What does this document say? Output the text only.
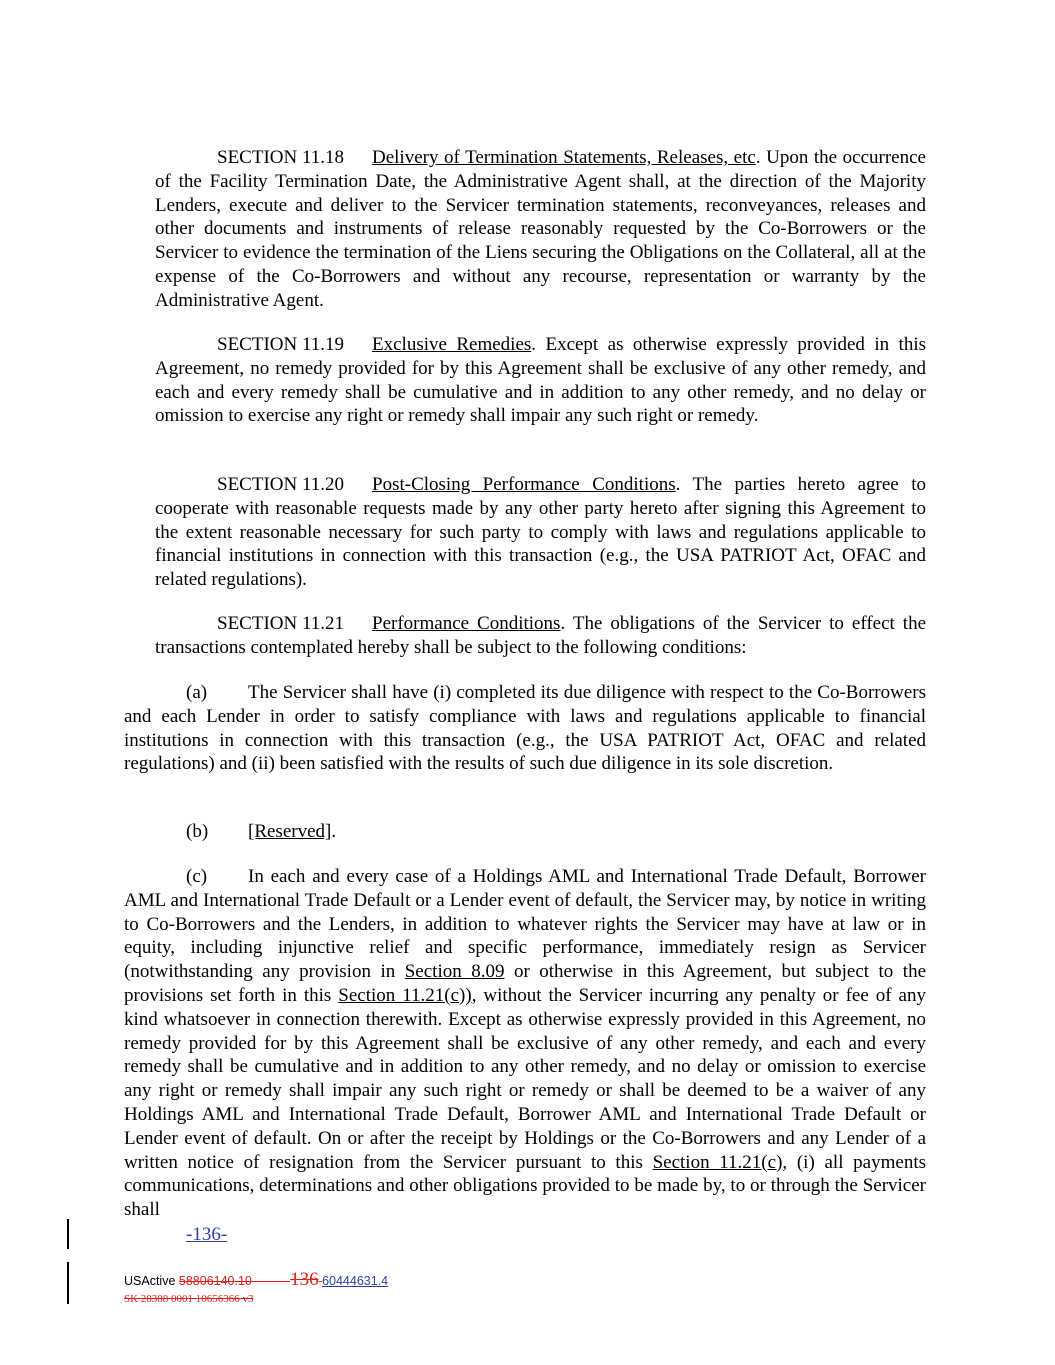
SECTION 11.18 Delivery of Termination Statements, Releases, etc. Upon the occurrence of the Facility Termination Date, the Administrative Agent shall, at the direction of the Majority Lenders, execute and deliver to the Servicer termination statements, reconveyances, releases and other documents and instruments of release reasonably requested by the Co-Borrowers or the Servicer to evidence the termination of the Liens securing the Obligations on the Collateral, all at the expense of the Co-Borrowers and without any recourse, representation or warranty by the Administrative Agent.

SECTION 11.19 Exclusive Remedies. Except as otherwise expressly provided in this Agreement, no remedy provided for by this Agreement shall be exclusive of any other remedy, and each and every remedy shall be cumulative and in addition to any other remedy, and no delay or omission to exercise any right or remedy shall impair any such right or remedy.

SECTION 11.20 Post-Closing Performance Conditions. The parties hereto agree to cooperate with reasonable requests made by any other party hereto after signing this Agreement to the extent reasonable necessary for such party to comply with laws and regulations applicable to financial institutions in connection with this transaction (e.g., the USA PATRIOT Act, OFAC and related regulations).

SECTION 11.21 Performance Conditions. The obligations of the Servicer to effect the transactions contemplated hereby shall be subject to the following conditions:

(a) The Servicer shall have (i) completed its due diligence with respect to the Co-Borrowers and each Lender in order to satisfy compliance with laws and regulations applicable to financial institutions in connection with this transaction (e.g., the USA PATRIOT Act, OFAC and related regulations) and (ii) been satisfied with the results of such due diligence in its sole discretion.

(b) [Reserved].

(c) In each and every case of a Holdings AML and International Trade Default, Borrower AML and International Trade Default or a Lender event of default, the Servicer may, by notice in writing to Co-Borrowers and the Lenders, in addition to whatever rights the Servicer may have at law or in equity, including injunctive relief and specific performance, immediately resign as Servicer (notwithstanding any provision in Section 8.09 or otherwise in this Agreement, but subject to the provisions set forth in this Section 11.21(c)), without the Servicer incurring any penalty or fee of any kind whatsoever in connection therewith. Except as otherwise expressly provided in this Agreement, no remedy provided for by this Agreement shall be exclusive of any other remedy, and each and every remedy shall be cumulative and in addition to any other remedy, and no delay or omission to exercise any right or remedy shall impair any such right or remedy or shall be deemed to be a waiver of any Holdings AML and International Trade Default, Borrower AML and International Trade Default or Lender event of default. On or after the receipt by Holdings or the Co-Borrowers and any Lender of a written notice of resignation from the Servicer pursuant to this Section 11.21(c), (i) all payments communications, determinations and other obligations provided to be made by, to or through the Servicer shall

-136-
USActive 58806140.10 136 60444631.4
SK 28388 0001 10656366 v3
